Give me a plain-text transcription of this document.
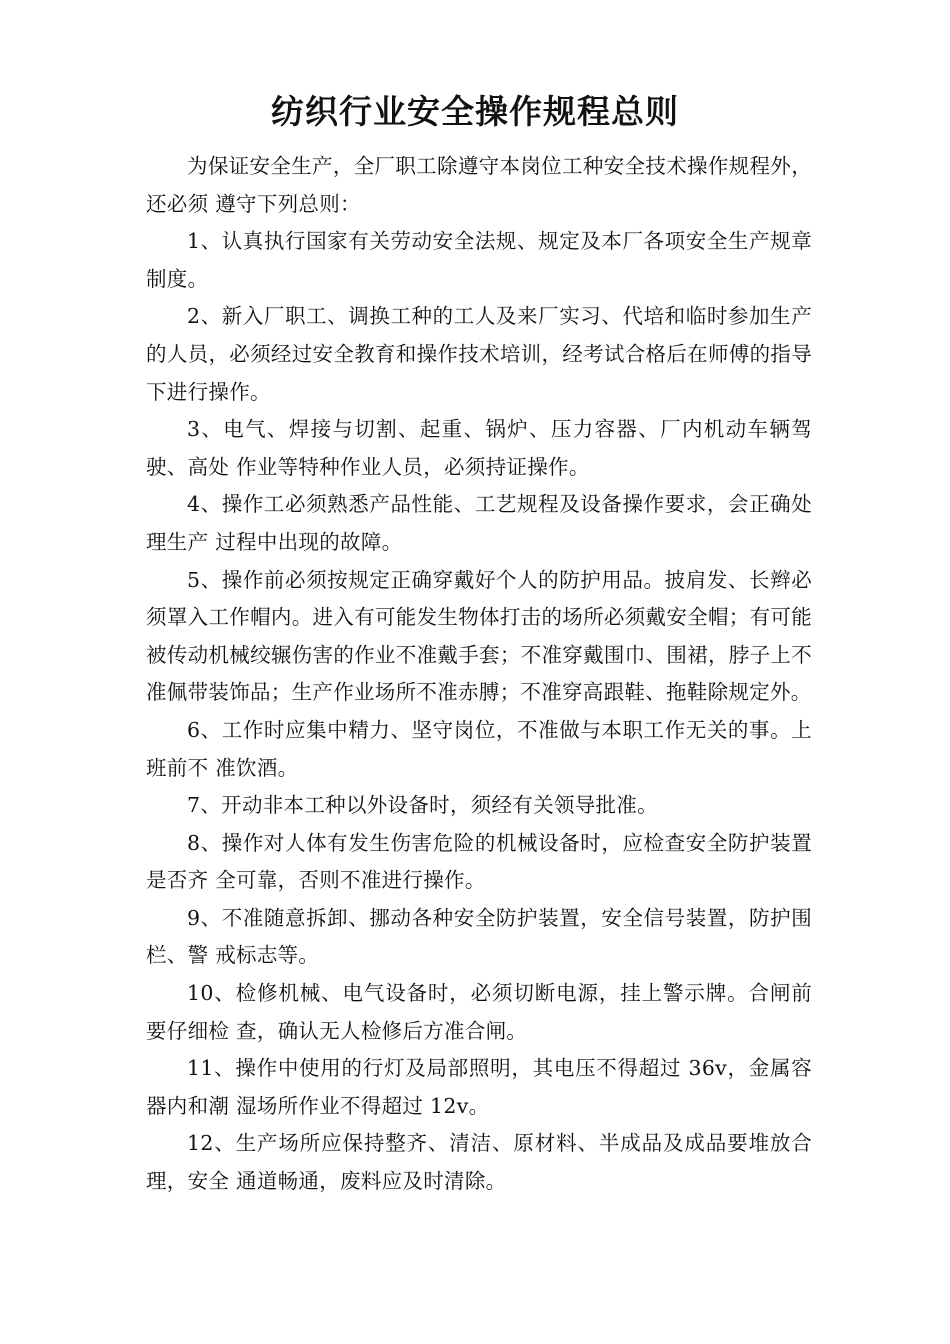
纺织行业安全操作规程总则

为保证安全生产，全厂职工除遵守本岗位工种安全技术操作规程外，还必须 遵守下列总则：

1、认真执行国家有关劳动安全法规、规定及本厂各项安全生产规章制度。

2、新入厂职工、调换工种的工人及来厂实习、代培和临时参加生产的人员，必须经过安全教育和操作技术培训，经考试合格后在师傅的指导下进行操作。

3、电气、焊接与切割、起重、锅炉、压力容器、厂内机动车辆驾驶、高处 作业等特种作业人员，必须持证操作。

4、操作工必须熟悉产品性能、工艺规程及设备操作要求，会正确处理生产 过程中出现的故障。

5、操作前必须按规定正确穿戴好个人的防护用品。披肩发、长辫必须罩入工作帽内。进入有可能发生物体打击的场所必须戴安全帽；有可能被传动机械绞辗伤害的作业不准戴手套；不准穿戴围巾、围裙，脖子上不准佩带装饰品；生产作业场所不准赤膊；不准穿高跟鞋、拖鞋除规定外。

6、工作时应集中精力、坚守岗位，不准做与本职工作无关的事。上班前不 准饮酒。

7、开动非本工种以外设备时，须经有关领导批准。

8、操作对人体有发生伤害危险的机械设备时，应检查安全防护装置是否齐 全可靠，否则不准进行操作。

9、不准随意拆卸、挪动各种安全防护装置，安全信号装置，防护围栏、警 戒标志等。

10、检修机械、电气设备时，必须切断电源，挂上警示牌。合闸前要仔细检 查，确认无人检修后方准合闸。

11、操作中使用的行灯及局部照明，其电压不得超过 36v，金属容器内和潮 湿场所作业不得超过 12v。

12、生产场所应保持整齐、清洁、原材料、半成品及成品要堆放合理，安全 通道畅通，废料应及时清除。
